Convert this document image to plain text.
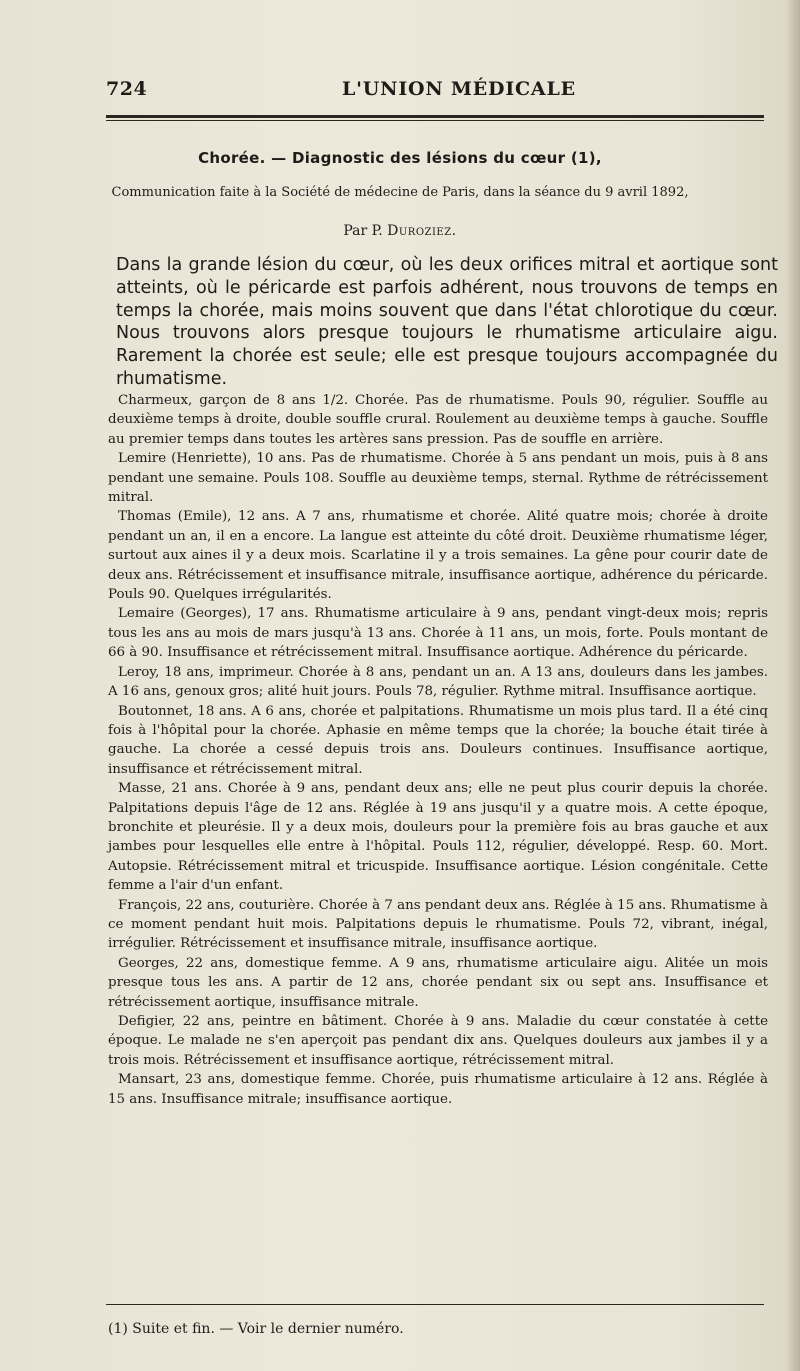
724	L'UNION MÉDICALE
Chorée. — Diagnostic des lésions du cœur (1),
Communication faite à la Société de médecine de Paris, dans la séance du 9 avril 1892,
Par P. Duroziez.

Dans la grande lésion du cœur, où les deux orifices mitral et aortique sont atteints, où le péricarde est parfois adhérent, nous trouvons de temps en temps la chorée, mais moins souvent que dans l'état chlorotique du cœur. Nous trouvons alors presque toujours le rhumatisme articulaire aigu. Rarement la chorée est seule; elle est presque toujours accompagnée du rhumatisme.

Charmeux, garçon de 8 ans 1/2. Chorée. Pas de rhumatisme. Pouls 90, régulier. Souffle au deuxième temps à droite, double souffle crural. Roulement au deuxième temps à gauche. Souffle au premier temps dans toutes les artères sans pression. Pas de souffle en arrière.

Lemire (Henriette), 10 ans. Pas de rhumatisme. Chorée à 5 ans pendant un mois, puis à 8 ans pendant une semaine. Pouls 108. Souffle au deuxième temps, sternal. Rythme de rétrécissement mitral.

Thomas (Emile), 12 ans. A 7 ans, rhumatisme et chorée. Alité quatre mois; chorée à droite pendant un an, il en a encore. La langue est atteinte du côté droit. Deuxième rhumatisme léger, surtout aux aines il y a deux mois. Scarlatine il y a trois semaines. La gêne pour courir date de deux ans. Rétrécissement et insuffisance mitrale, insuffisance aortique, adhérence du péricarde. Pouls 90. Quelques irrégularités.

Lemaire (Georges), 17 ans. Rhumatisme articulaire à 9 ans, pendant vingt-deux mois; repris tous les ans au mois de mars jusqu'à 13 ans. Chorée à 11 ans, un mois, forte. Pouls montant de 66 à 90. Insuffisance et rétrécissement mitral. Insuffisance aortique. Adhérence du péricarde.

Leroy, 18 ans, imprimeur. Chorée à 8 ans, pendant un an. A 13 ans, douleurs dans les jambes. A 16 ans, genoux gros; alité huit jours. Pouls 78, régulier. Rythme mitral. Insuffisance aortique.

Boutonnet, 18 ans. A 6 ans, chorée et palpitations. Rhumatisme un mois plus tard. Il a été cinq fois à l'hôpital pour la chorée. Aphasie en même temps que la chorée; la bouche était tirée à gauche. La chorée a cessé depuis trois ans. Douleurs continues. Insuffisance aortique, insuffisance et rétrécissement mitral.

Masse, 21 ans. Chorée à 9 ans, pendant deux ans; elle ne peut plus courir depuis la chorée. Palpitations depuis l'âge de 12 ans. Réglée à 19 ans jusqu'il y a quatre mois. A cette époque, bronchite et pleurésie. Il y a deux mois, douleurs pour la première fois au bras gauche et aux jambes pour lesquelles elle entre à l'hôpital. Pouls 112, régulier, développé. Resp. 60. Mort. Autopsie. Rétrécissement mitral et tricuspide. Insuffisance aortique. Lésion congénitale. Cette femme a l'air d'un enfant.

François, 22 ans, couturière. Chorée à 7 ans pendant deux ans. Réglée à 15 ans. Rhumatisme à ce moment pendant huit mois. Palpitations depuis le rhumatisme. Pouls 72, vibrant, inégal, irrégulier. Rétrécissement et insuffisance mitrale, insuffisance aortique.

Georges, 22 ans, domestique femme. A 9 ans, rhumatisme articulaire aigu. Alitée un mois presque tous les ans. A partir de 12 ans, chorée pendant six ou sept ans. Insuffisance et rétrécissement aortique, insuffisance mitrale.

Defigier, 22 ans, peintre en bâtiment. Chorée à 9 ans. Maladie du cœur constatée à cette époque. Le malade ne s'en aperçoit pas pendant dix ans. Quelques douleurs aux jambes il y a trois mois. Rétrécissement et insuffisance aortique, rétrécissement mitral.

Mansart, 23 ans, domestique femme. Chorée, puis rhumatisme articulaire à 12 ans. Réglée à 15 ans. Insuffisance mitrale; insuffisance aortique.

(1) Suite et fin. — Voir le dernier numéro.
